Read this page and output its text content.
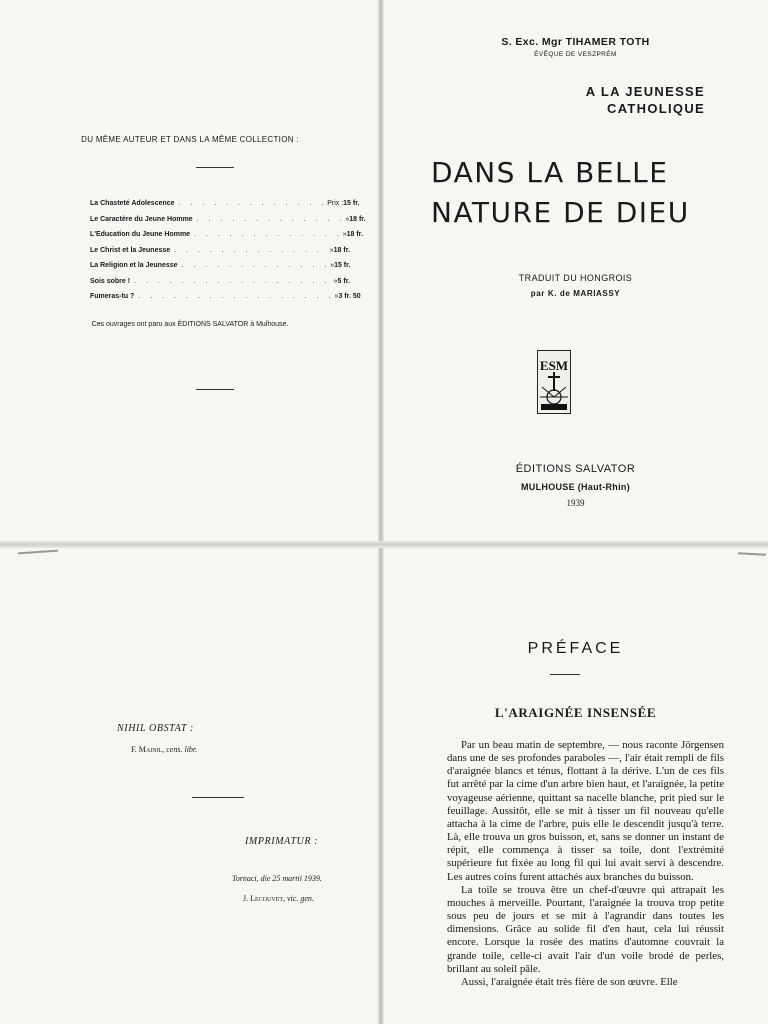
DU MÊME AUTEUR ET DANS LA MÊME COLLECTION :
La Chasteté Adolescence . . . . . . . . . . . . . Prix : 15 fr.
Le Caractère du Jeune Homme . . . . . . . . . . . . . » 18 fr.
L'Education du Jeune Homme . . . . . . . . . . . . . » 18 fr.
Le Christ et la Jeunesse . . . . . . . . . . . . . » 18 fr.
La Religion et la Jeunesse . . . . . . . . . . . . . » 15 fr.
Sois sobre ! . . . . . . . . . . . . . . . . . » 5 fr.
Fumeras-tu ? . . . . . . . . . . . . . . . . . » 3 fr. 50
Ces ouvrages ont paru aux ÉDITIONS SALVATOR à Mulhouse.
S. Exc. Mgr TIHAMER TOTH
ÉVÊQUE DE VESZPRÉM
A LA JEUNESSE
CATHOLIQUE
DANS LA BELLE
NATURE DE DIEU
TRADUIT DU HONGROIS
par K. de MARIASSY
ESM
ÉDITIONS SALVATOR
MULHOUSE (Haut-Rhin)
1939
NIHIL OBSTAT :
F. Mainil, cens. libr.
IMPRIMATUR :
Tornaci, die 25 martii 1939.
J. Lecouvet, vic. gen.
PRÉFACE
L'ARAIGNÉE INSENSÉE

Par un beau matin de septembre, — nous raconte Jörgensen dans une de ses profondes paraboles —, l'air était rempli de fils d'araignée blancs et ténus, flottant à la dérive. L'un de ces fils fut arrêté par la cime d'un arbre bien haut, et l'araignée, la petite voyageuse aérienne, quittant sa nacelle blanche, prit pied sur le feuillage. Aussitôt, elle se mit à tisser un fil nouveau qu'elle attacha à la cime de l'arbre, puis elle le descendit jusqu'à terre. Là, elle trouva un gros buisson, et, sans se donner un instant de répit, elle commença à tisser sa toile, dont l'extrémité supérieure fut fixée au long fil qui lui avait servi à descendre. Les autres coins furent attachés aux branches du buisson.

La toile se trouva être un chef-d'œuvre qui attrapait les mouches à merveille. Pourtant, l'araignée la trouva trop petite sous peu de jours et se mit à l'agrandir dans toutes les dimensions. Grâce au solide fil d'en haut, cela lui réussit encore. Lorsque la rosée des matins d'automne couvrait la grande toile, celle-ci avait l'air d'un voile brodé de perles, brillant au soleil pâle.

Aussi, l'araignée était très fière de son œuvre. Elle
